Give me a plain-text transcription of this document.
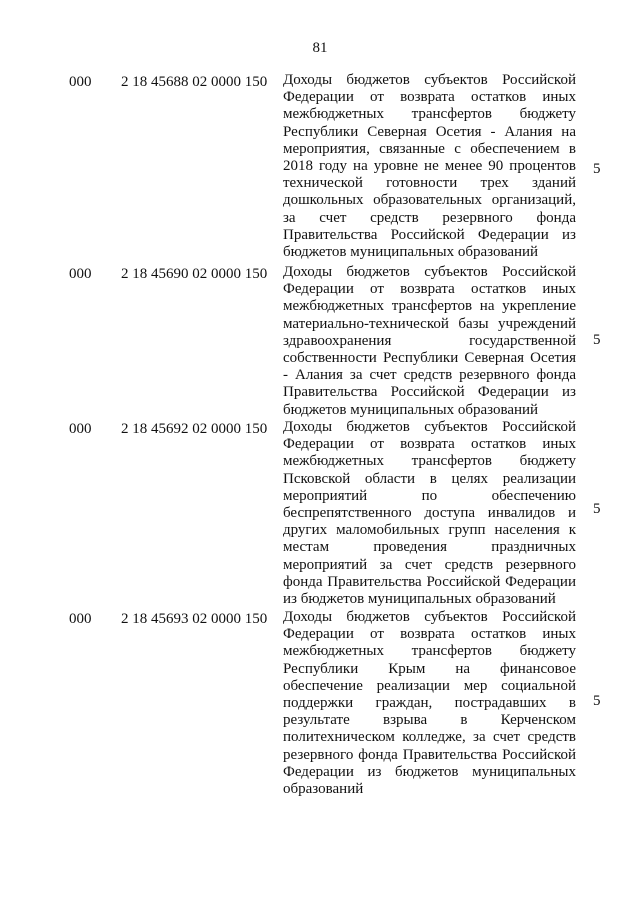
81
000 2 18 45688 02 0000 150 Доходы бюджетов субъектов Российской Федерации от возврата остатков иных межбюджетных трансфертов бюджету Республики Северная Осетия - Алания на мероприятия, связанные с обеспечением в 2018 году на уровне не менее 90 процентов технической готовности трех зданий дошкольных образовательных организаций, за счет средств резервного фонда Правительства Российской Федерации из бюджетов муниципальных образований
5
000 2 18 45690 02 0000 150 Доходы бюджетов субъектов Российской Федерации от возврата остатков иных межбюджетных трансфертов на укрепление материально-технической базы учреждений здравоохранения государственной собственности Республики Северная Осетия - Алания за счет средств резервного фонда Правительства Российской Федерации из бюджетов муниципальных образований
5
000 2 18 45692 02 0000 150 Доходы бюджетов субъектов Российской Федерации от возврата остатков иных межбюджетных трансфертов бюджету Псковской области в целях реализации мероприятий по обеспечению беспрепятственного доступа инвалидов и других маломобильных групп населения к местам проведения праздничных мероприятий за счет средств резервного фонда Правительства Российской Федерации из бюджетов муниципальных образований
5
000 2 18 45693 02 0000 150 Доходы бюджетов субъектов Российской Федерации от возврата остатков иных межбюджетных трансфертов бюджету Республики Крым на финансовое обеспечение реализации мер социальной поддержки граждан, пострадавших в результате взрыва в Керченском политехническом колледже, за счет средств резервного фонда Правительства Российской Федерации из бюджетов муниципальных образований
5
